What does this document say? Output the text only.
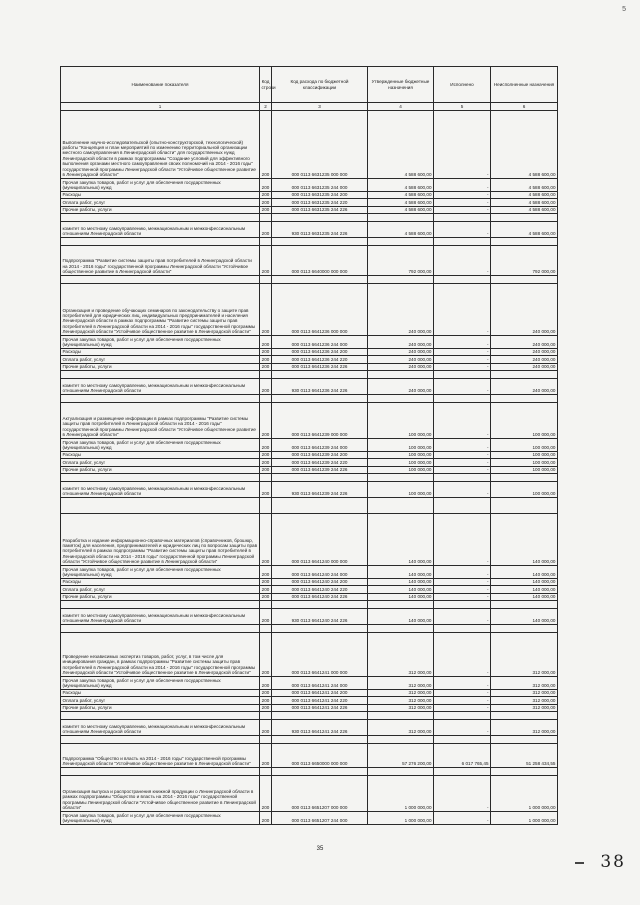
5
Наименование показателя	Код строки	Код расхода по бюджетной классификации	Утвержденные бюджетные назначения	Исполнено	Неисполненные назначения
1	2	3	4	5	6
Выполнение научно-исследовательской (опытно-конструкторской, технологической) работы "Концепция и план мероприятий по изменению территориальной организации местного самоуправления в Ленинградской области" для государственных нужд Ленинградской области в рамках подпрограммы "Создание условий для эффективного выполнения органами местного самоуправления своих полномочий на 2014 - 2016 годы" государственной программы Ленинградской области "Устойчивое общественное развитие в Ленинградской области"	200	000 0113 6631235 000 000	4 588 600,00	-	4 588 600,00
Прочая закупка товаров, работ и услуг для обеспечения государственных (муниципальных) нужд	200	000 0113 6631235 244 000	4 588 600,00	-	4 588 600,00
Расходы	200	000 0113 6631235 244 200	4 588 600,00	-	4 588 600,00
Оплата работ, услуг	200	000 0113 6631235 244 220	4 588 600,00	-	4 588 600,00
Прочие работы, услуги	200	000 0113 6631235 244 226	4 588 600,00	-	4 588 600,00

комитет по местному самоуправлению, межнациональным и межконфессиональным отношениям Ленинградской области	200	930 0113 6631235 244 226	4 588 600,00	-	4 588 600,00

Подпрограмма "Развитие системы защиты прав потребителей в Ленинградской области на 2014 - 2016 годы" государственной программы Ленинградской области "Устойчивое общественное развитие в Ленинградской области"	200	000 0113 6640000 000 000	792 000,00	-	792 000,00

Организация и проведение обучающих семинаров по законодательству о защите прав потребителей для юридических лиц, индивидуальных предпринимателей и населения Ленинградской области в рамках подпрограммы "Развитие системы защиты прав потребителей в Ленинградской области на 2014 - 2016 годы" государственной программы Ленинградской области "Устойчивое общественное развитие в Ленинградской области"	200	000 0113 6641236 000 000	240 000,00	-	240 000,00
Прочая закупка товаров, работ и услуг для обеспечения государственных (муниципальных) нужд	200	000 0113 6641236 244 000	240 000,00	-	240 000,00
Расходы	200	000 0113 6641236 244 200	240 000,00	-	240 000,00
Оплата работ, услуг	200	000 0113 6641236 244 220	240 000,00	-	240 000,00
Прочие работы, услуги	200	000 0113 6641236 244 226	240 000,00	-	240 000,00

комитет по местному самоуправлению, межнациональным и межконфессиональным отношениям Ленинградской области	200	930 0113 6641236 244 226	240 000,00	-	240 000,00

Актуализация и размещение информации в рамках подпрограммы "Развитие системы защиты прав потребителей в Ленинградской области на 2014 - 2016 годы" государственной программы Ленинградской области "Устойчивое общественное развитие в Ленинградской области"	200	000 0113 6641239 000 000	100 000,00	-	100 000,00
Прочая закупка товаров, работ и услуг для обеспечения государственных (муниципальных) нужд	200	000 0113 6641239 244 000	100 000,00	-	100 000,00
Расходы	200	000 0113 6641239 244 200	100 000,00	-	100 000,00
Оплата работ, услуг	200	000 0113 6641239 244 220	100 000,00	-	100 000,00
Прочие работы, услуги	200	000 0113 6641239 244 226	100 000,00	-	100 000,00

комитет по местному самоуправлению, межнациональным и межконфессиональным отношениям Ленинградской области	200	930 0113 6641239 244 226	100 000,00	-	100 000,00

Разработка и издание информационно-справочных материалов (справочников, брошюр, памяток) для населения, предпринимателей и юридических лиц по вопросам защиты прав потребителей в рамках подпрограммы "Развитие системы защиты прав потребителей в Ленинградской области на 2014 - 2016 годы" государственной программы Ленинградской области "Устойчивое общественное развитие в Ленинградской области"	200	000 0113 6641240 000 000	140 000,00	-	140 000,00
Прочая закупка товаров, работ и услуг для обеспечения государственных (муниципальных) нужд	200	000 0113 6641240 244 000	140 000,00	-	140 000,00
Расходы	200	000 0113 6641240 244 200	140 000,00	-	140 000,00
Оплата работ, услуг	200	000 0113 6641240 244 220	140 000,00	-	140 000,00
Прочие работы, услуги	200	000 0113 6641240 244 226	140 000,00	-	140 000,00

комитет по местному самоуправлению, межнациональным и межконфессиональным отношениям Ленинградской области	200	930 0113 6641240 244 226	140 000,00	-	140 000,00

Проведение независимых экспертиз товаров, работ, услуг, в том числе для инициирования граждан, в рамках подпрограммы "Развитие системы защиты прав потребителей в Ленинградской области на 2014 - 2016 годы" государственной программы Ленинградской области "Устойчивое общественное развитие в Ленинградской области"	200	000 0113 6641241 000 000	312 000,00	-	312 000,00
Прочая закупка товаров, работ и услуг для обеспечения государственных (муниципальных) нужд	200	000 0113 6641241 244 000	312 000,00	-	312 000,00
Расходы	200	000 0113 6641241 244 200	312 000,00	-	312 000,00
Оплата работ, услуг	200	000 0113 6641241 244 220	312 000,00	-	312 000,00
Прочие работы, услуги	200	000 0113 6641241 244 226	312 000,00	-	312 000,00

комитет по местному самоуправлению, межнациональным и межконфессиональным отношениям Ленинградской области	200	930 0113 6641241 244 226	312 000,00	-	312 000,00

Подпрограмма "Общество и власть на 2014 - 2016 годы" государственной программы Ленинградской области "Устойчивое общественное развитие в Ленинградской области"	200	000 0113 6650000 000 000	57 276 200,00	6 017 765,45	51 258 434,55

Организация выпуска и распространения книжной продукции о Ленинградской области в рамках подпрограммы "Общество и власть на 2014 - 2016 годы" государственной программы Ленинградской области "Устойчивое общественное развитие в Ленинградской области"	200	000 0113 6651207 000 000	1 000 000,00	-	1 000 000,00
Прочая закупка товаров, работ и услуг для обеспечения государственных (муниципальных) нужд	200	000 0113 6651207 244 000	1 000 000,00	-	1 000 000,00
35
38
